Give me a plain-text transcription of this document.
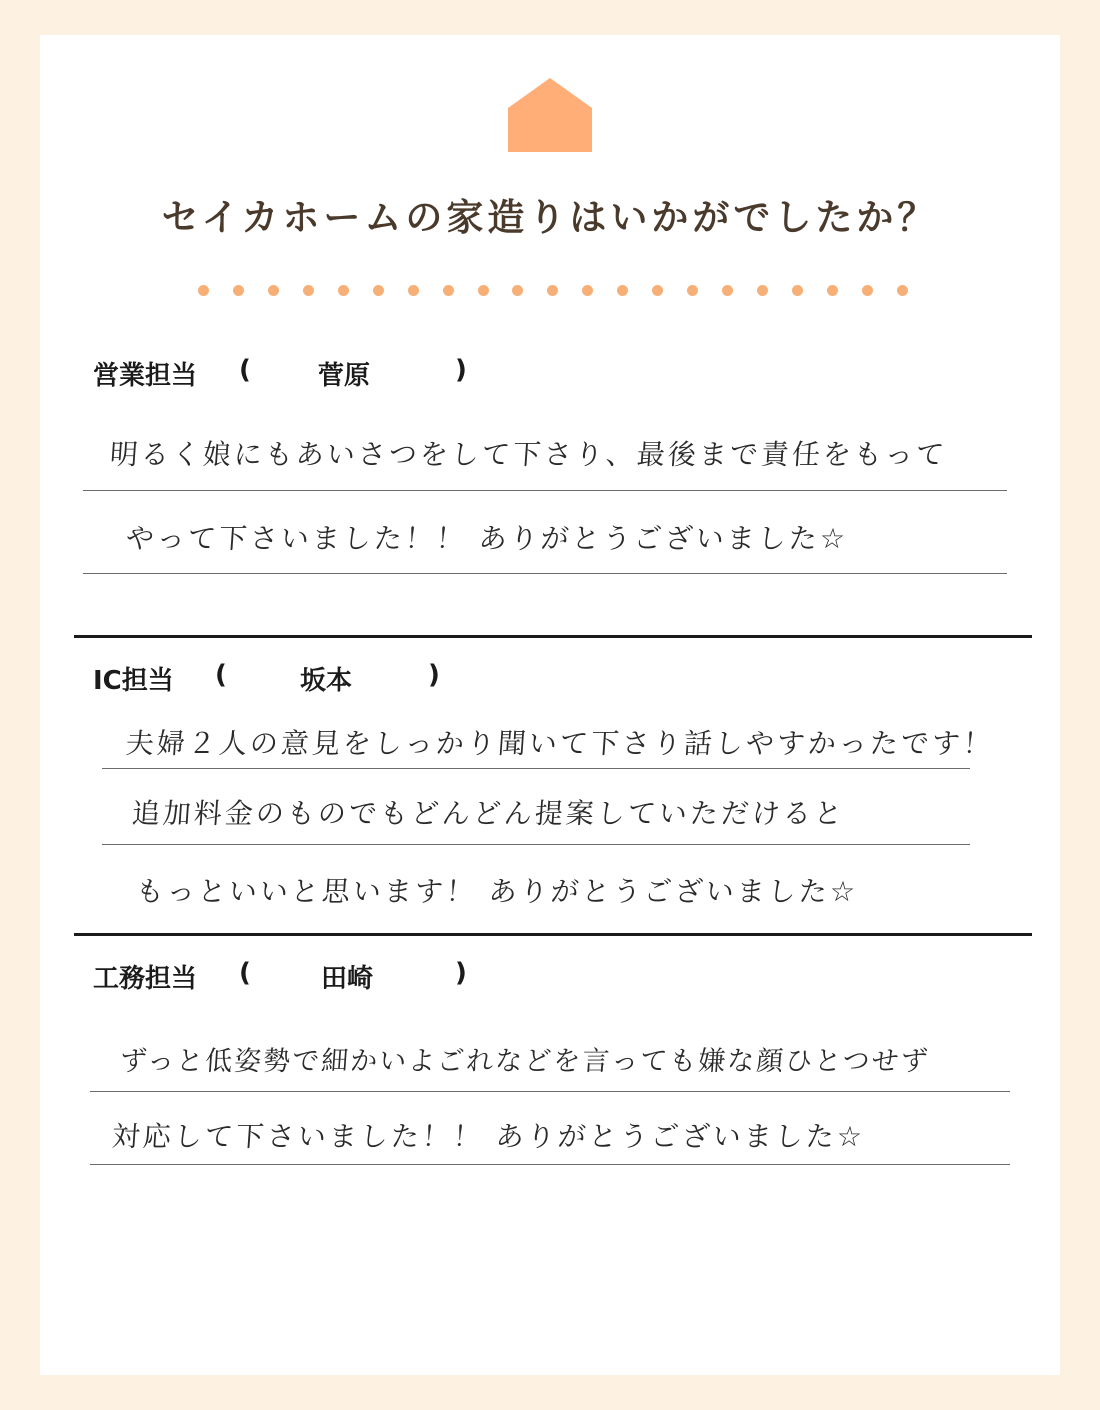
セイカホームの家造りはいかがでしたか？
営業担当 (	菅原	)
明るく娘にもあいさつをして下さり、最後まで責任をもって
やって下さいました！！ ありがとうございました☆
IC担当 (	坂本	)
夫婦２人の意見をしっかり聞いて下さり話しやすかったです！
追加料金のものでもどんどん提案していただけると
もっといいと思います！ ありがとうございました☆
工務担当 (	田崎	)
ずっと低姿勢で細かいよごれなどを言っても嫌な顔ひとつせず
対応して下さいました！！ ありがとうございました☆
